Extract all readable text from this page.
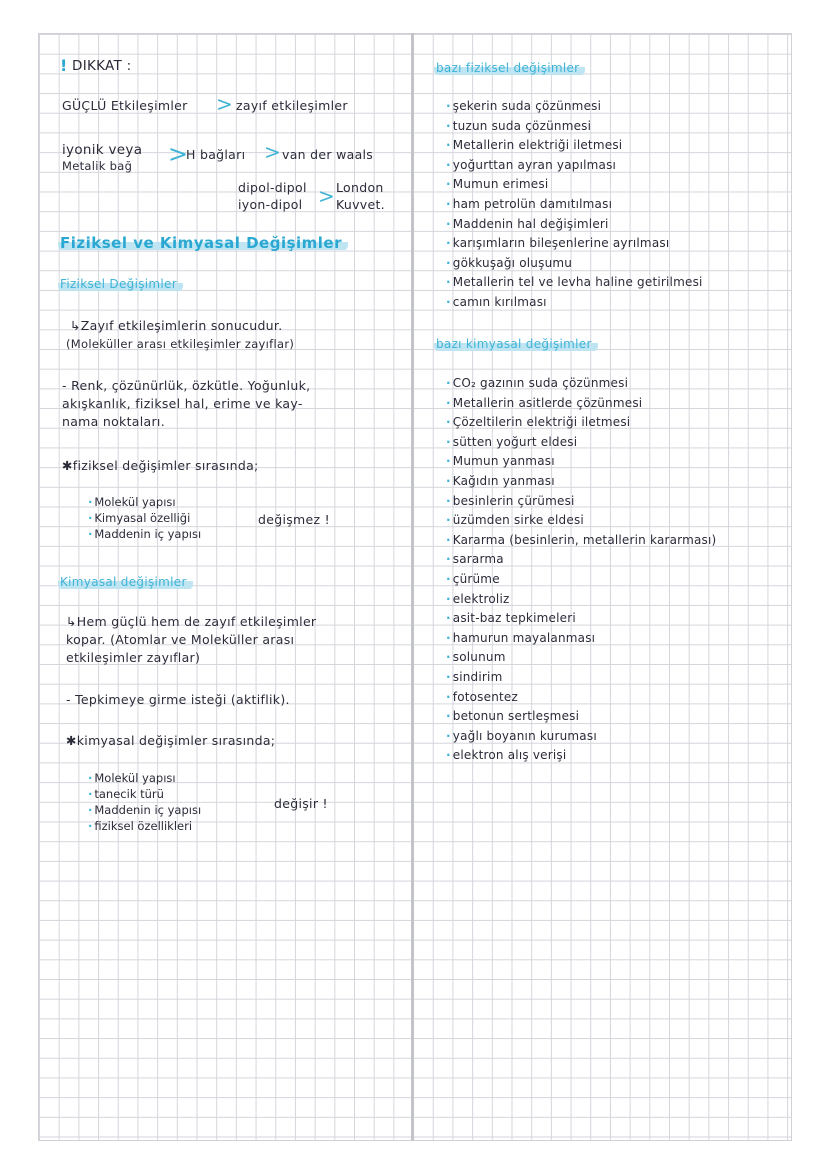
! DIKKAT :
GÜÇLÜ Etkileşimler > zayıf etkileşimler
iyonik veya
Metalik bağ >
H bağları > van der waals
dipol-dipol
iyon-dipol > London
Kuvvet.
Fiziksel ve Kimyasal Değişimler
Fiziksel Değişimler
↳Zayıf etkileşimlerin sonucudur.
(Moleküller arası etkileşimler zayıflar)
- Renk, çözünürlük, özkütle. Yoğunluk,
akışkanlık, fiziksel hal, erime ve kay-
nama noktaları.
✱fiziksel değişimler sırasında;
· Molekül yapısı
· Kimyasal özelliği
· Maddenin iç yapısı
değişmez !
Kimyasal değişimler
↳Hem güçlü hem de zayıf etkileşimler
kopar. (Atomlar ve Moleküller arası
etkileşimler zayıflar)
- Tepkimeye girme isteği (aktiflik).
✱kimyasal değişimler sırasında;
· Molekül yapısı
· tanecik türü
· Maddenin iç yapısı
· fiziksel özellikleri
değişir !
bazı fiziksel değişimler
· şekerin suda çözünmesi
· tuzun suda çözünmesi
· Metallerin elektriği iletmesi
· yoğurttan ayran yapılması
· Mumun erimesi
· ham petrolün damıtılması
· Maddenin hal değişimleri
· karışımların bileşenlerine ayrılması
· gökkuşağı oluşumu
· Metallerin tel ve levha haline getirilmesi
· camın kırılması
bazı kimyasal değişimler
· CO₂ gazının suda çözünmesi
· Metallerin asitlerde çözünmesi
· Çözeltilerin elektriği iletmesi
· sütten yoğurt eldesi
· Mumun yanması
· Kağıdın yanması
· besinlerin çürümesi
· üzümden sirke eldesi
· Kararma (besinlerin, metallerin kararması)
· sararma
· çürüme
· elektroliz
· asit-baz tepkimeleri
· hamurun mayalanması
· solunum
· sindirim
· fotosentez
· betonun sertleşmesi
· yağlı boyanın kuruması
· elektron alış verişi
